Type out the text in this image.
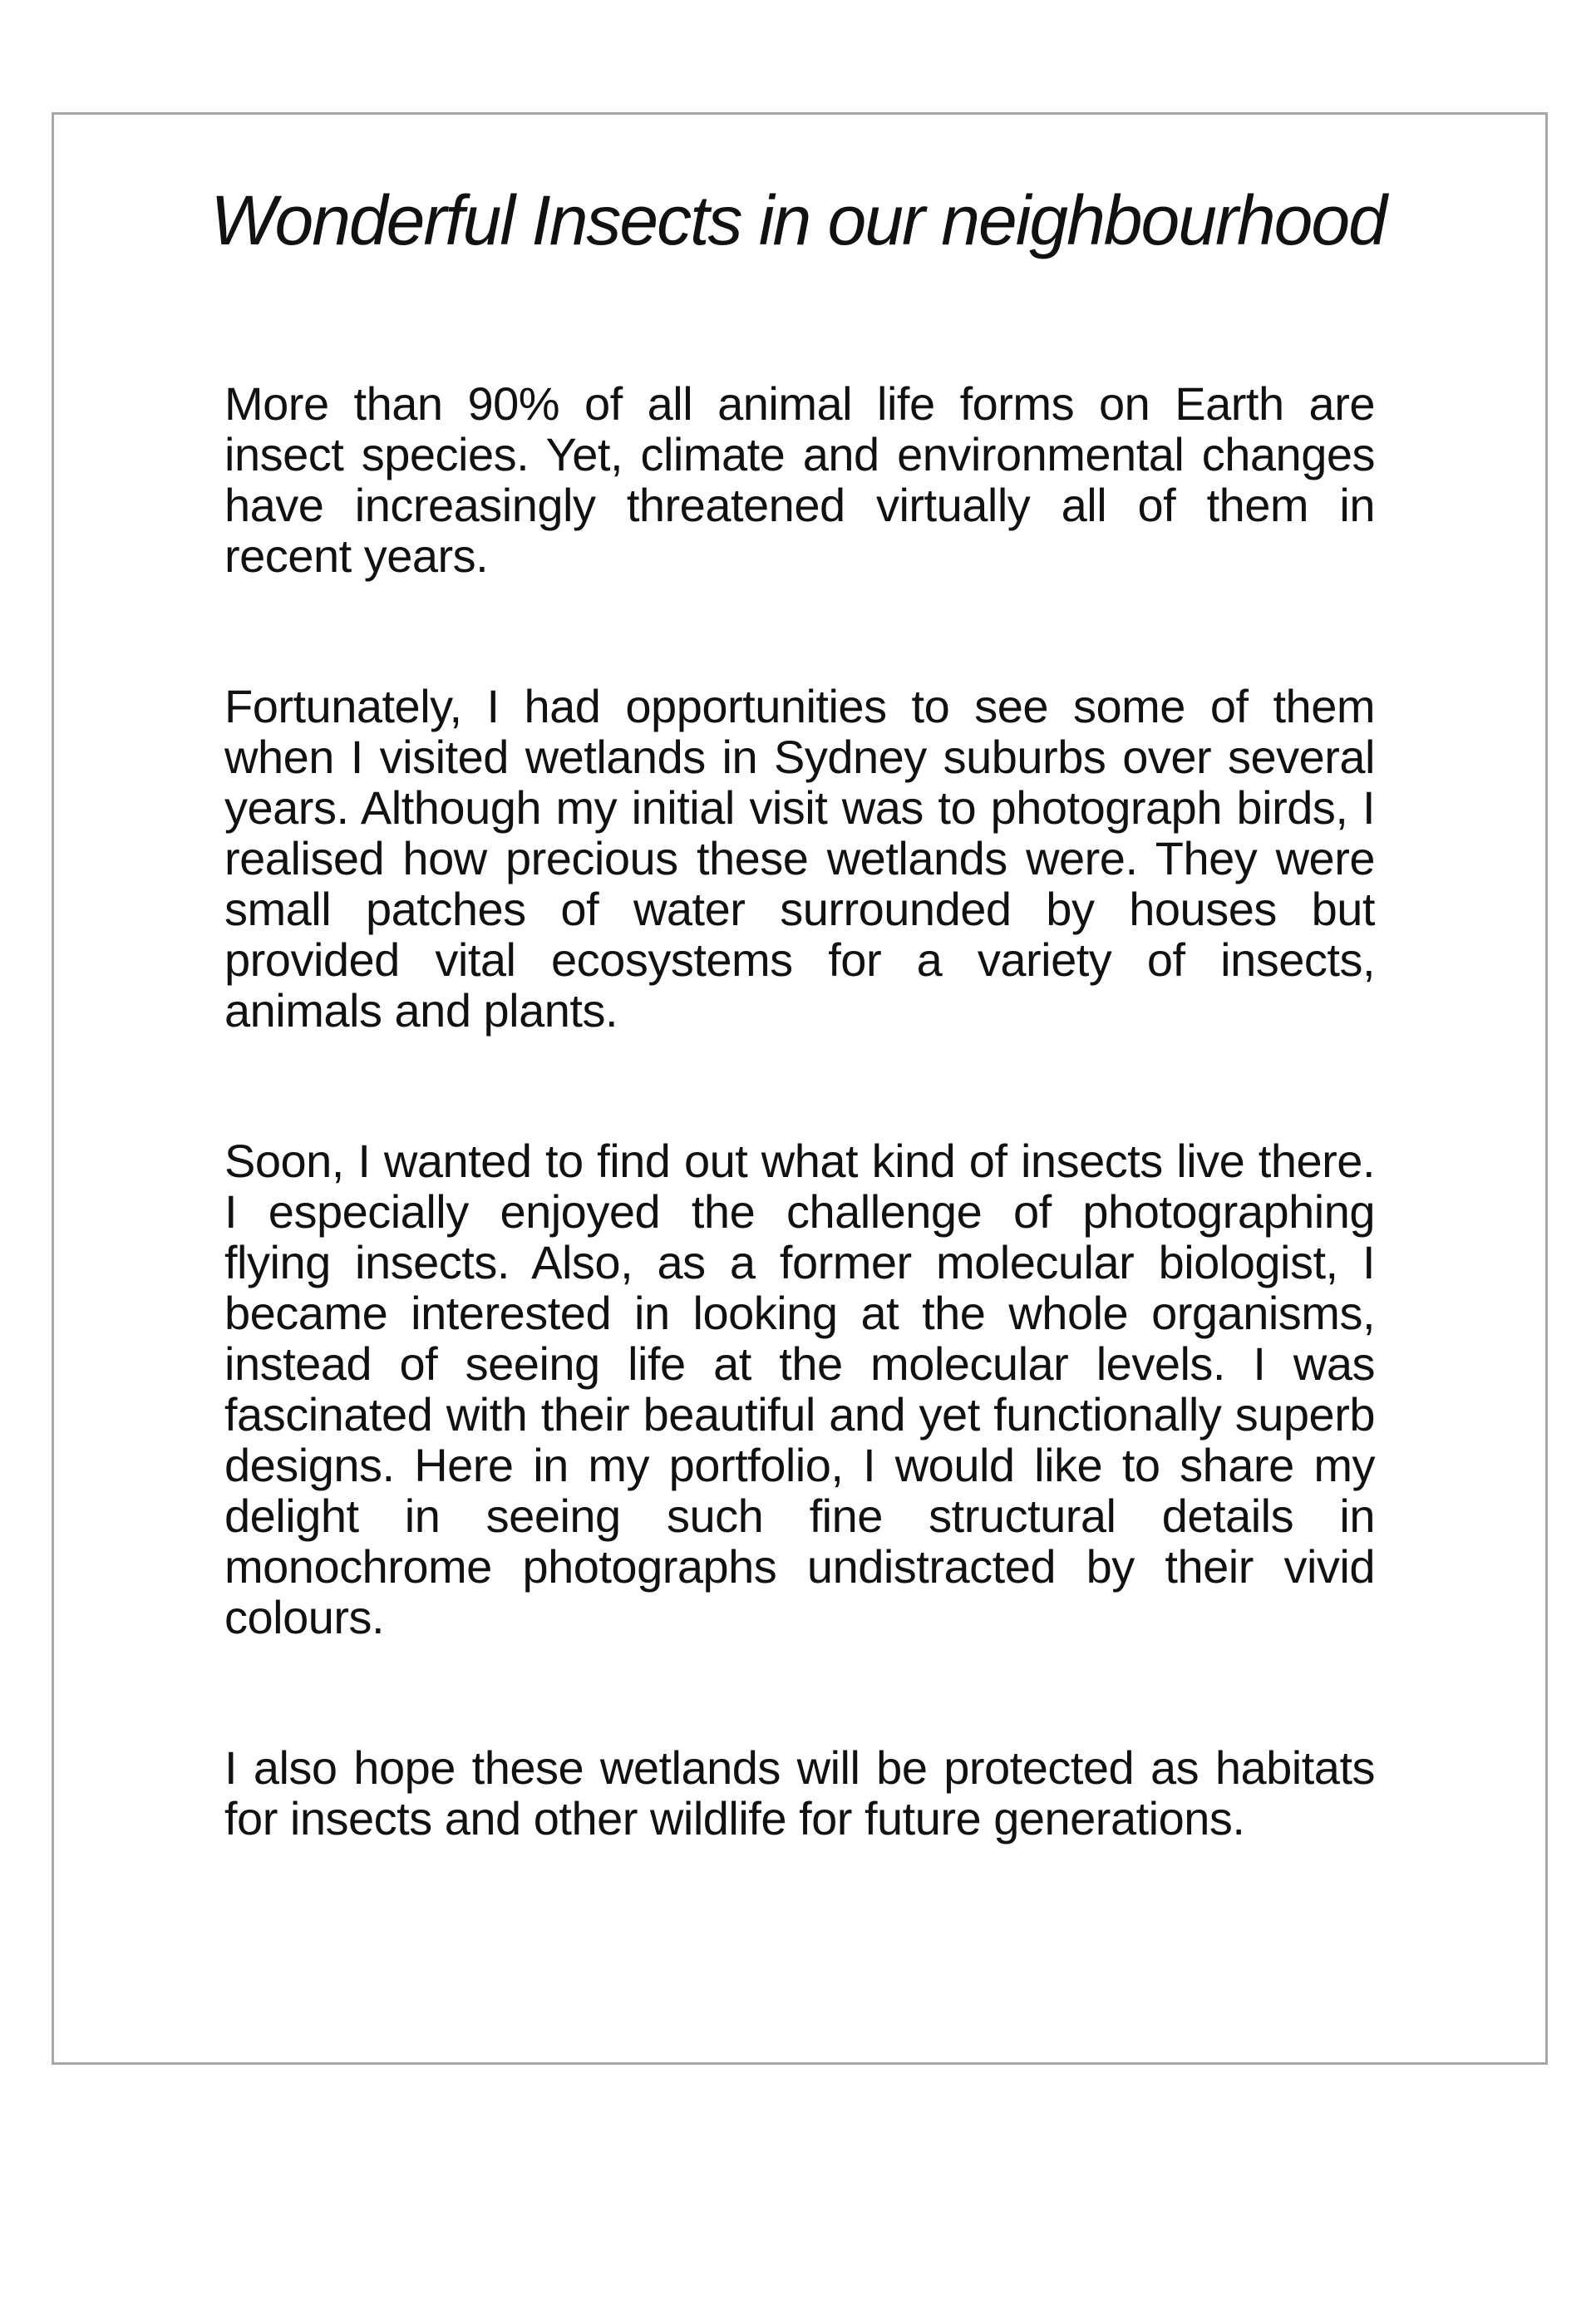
Wonderful Insects in our neighbourhood

More than 90% of all animal life forms on Earth are insect species. Yet, climate and environmental changes have increasingly threatened virtually all of them in recent years.

Fortunately, I had opportunities to see some of them when I visited wetlands in Sydney suburbs over several years. Although my initial visit was to photograph birds, I realised how precious these wetlands were. They were small patches of water surrounded by houses but provided vital ecosystems for a variety of insects, animals and plants.

Soon, I wanted to find out what kind of insects live there. I especially enjoyed the challenge of photographing flying insects. Also, as a former molecular biologist, I became interested in looking at the whole organisms, instead of seeing life at the molecular levels. I was fascinated with their beautiful and yet functionally superb designs. Here in my portfolio, I would like to share my delight in seeing such fine structural details in monochrome photographs undistracted by their vivid colours.

I also hope these wetlands will be protected as habitats for insects and other wildlife for future generations.
